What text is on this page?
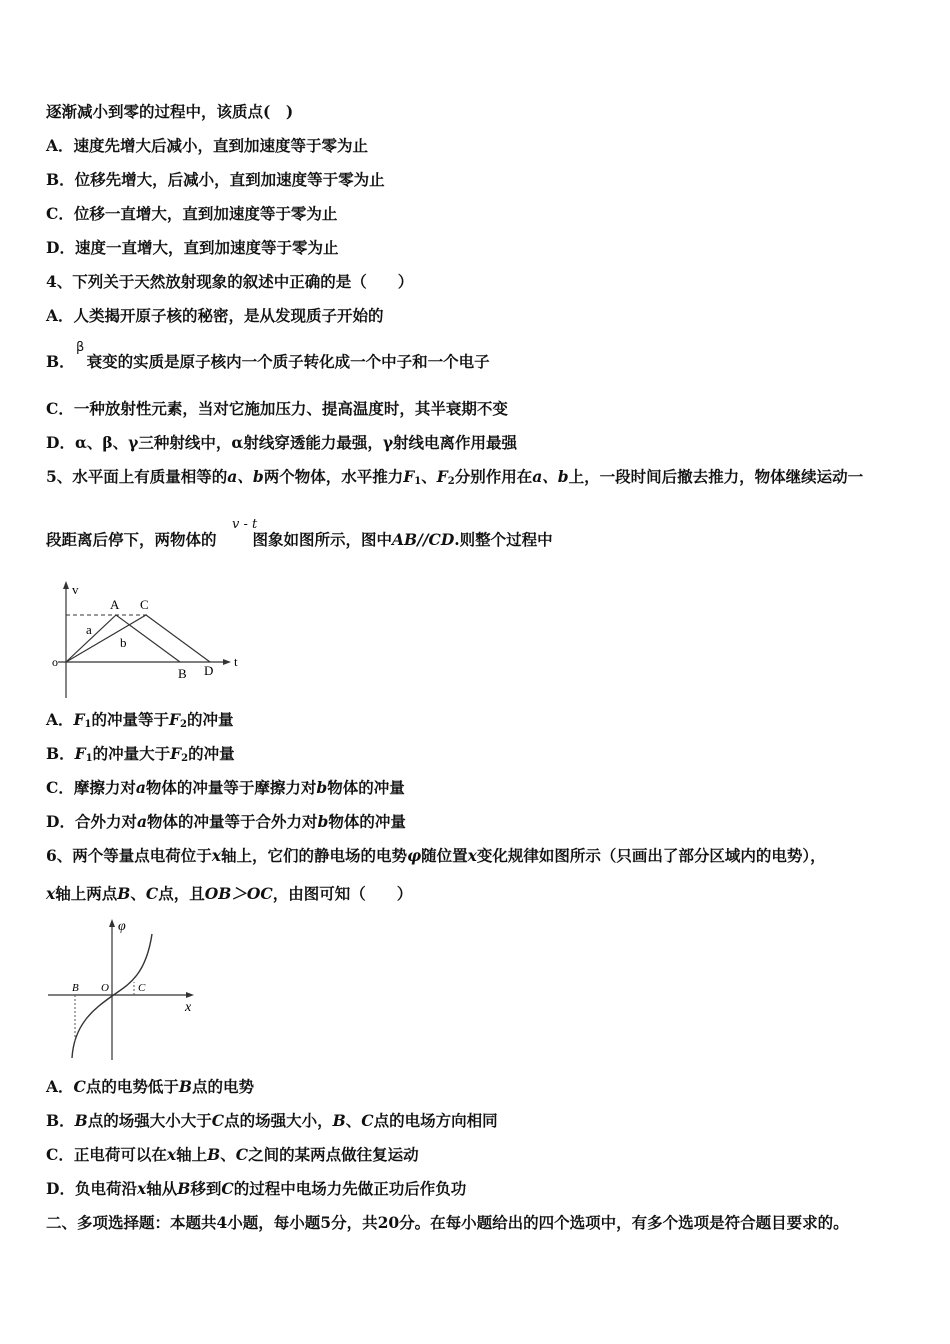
逐渐减小到零的过程中，该质点(　)
A．速度先增大后减小，直到加速度等于零为止
B．位移先增大，后减小，直到加速度等于零为止
C．位移一直增大，直到加速度等于零为止
D．速度一直增大，直到加速度等于零为止
4、下列关于天然放射现象的叙述中正确的是（　　）
A．人类揭开原子核的秘密，是从发现质子开始的
β
B． 衰变的实质是原子核内一个质子转化成一个中子和一个电子
C．一种放射性元素，当对它施加压力、提高温度时，其半衰期不变
D．α、β、γ三种射线中，α射线穿透能力最强，γ射线电离作用最强
5、水平面上有质量相等的a、b两个物体，水平推力$F_1$、$F_2$分别作用在a、b上，一段时间后撤去推力，物体继续运动一
v - t
段距离后停下，两物体的 图象如图所示，图中AB//CD.则整个过程中
v
A C
a
b
o
B D
t
A．$F_1$的冲量等于$F_2$的冲量
B．$F_1$的冲量大于$F_2$的冲量
C．摩擦力对a物体的冲量等于摩擦力对b物体的冲量
D．合外力对a物体的冲量等于合外力对b物体的冲量
6、两个等量点电荷位于x轴上，它们的静电场的电势φ随位置x变化规律如图所示（只画出了部分区域内的电势），
x轴上两点B、C点，且OB＞OC，由图可知（　　）
φ
B O	C
x
A．C点的电势低于B点的电势
B．B点的场强大小大于C点的场强大小，B、C点的电场方向相同
C．正电荷可以在x轴上B、C之间的某两点做往复运动
D．负电荷沿x轴从B移到C的过程中电场力先做正功后作负功
二、多项选择题：本题共4小题，每小题5分，共20分。在每小题给出的四个选项中，有多个选项是符合题目要求的。
